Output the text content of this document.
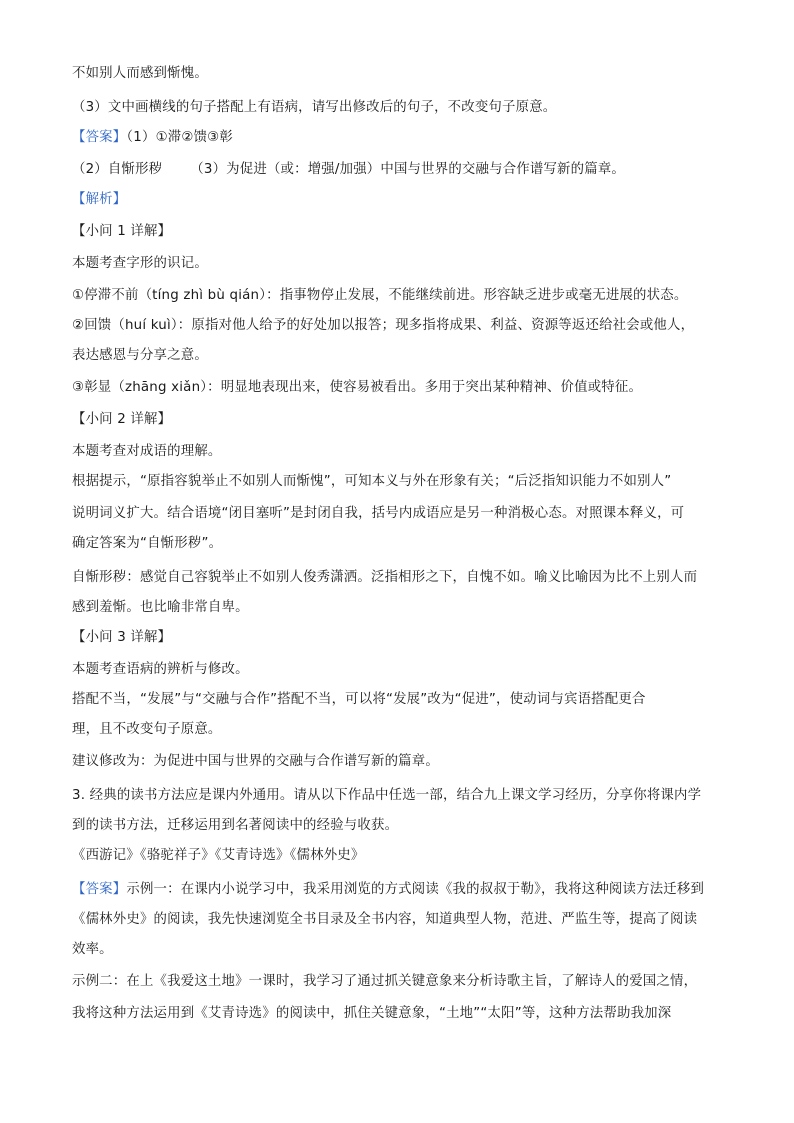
不如别人而感到惭愧。
（3）文中画横线的句子搭配上有语病，请写出修改后的句子，不改变句子原意。
【答案】（1）①滞②馈③彰
（2）自惭形秽 （3）为促进（或：增强/加强）中国与世界的交融与合作谱写新的篇章。
【解析】
【小问 1 详解】
本题考查字形的识记。
①停滞不前（tíng zhì bù qián）：指事物停止发展，不能继续前进。形容缺乏进步或毫无进展的状态。
②回馈（huí kuì）：原指对他人给予的好处加以报答；现多指将成果、利益、资源等返还给社会或他人，
表达感恩与分享之意。
③彰显（zhāng xiǎn）：明显地表现出来，使容易被看出。多用于突出某种精神、价值或特征。
【小问 2 详解】
本题考查对成语的理解。
根据提示，“原指容貌举止不如别人而惭愧”，可知本义与外在形象有关；“后泛指知识能力不如别人”
说明词义扩大。结合语境“闭目塞听”是封闭自我，括号内成语应是另一种消极心态。对照课本释义，可
确定答案为“自惭形秽”。
自惭形秽：感觉自己容貌举止不如别人俊秀潇洒。泛指相形之下，自愧不如。喻义比喻因为比不上别人而
感到羞惭。也比喻非常自卑。
【小问 3 详解】
本题考查语病的辨析与修改。
搭配不当，“发展”与“交融与合作”搭配不当，可以将“发展”改为“促进”，使动词与宾语搭配更合
理，且不改变句子原意。
建议修改为：为促进中国与世界的交融与合作谱写新的篇章。
3. 经典的读书方法应是课内外通用。请从以下作品中任选一部，结合九上课文学习经历，分享你将课内学
到的读书方法，迁移运用到名著阅读中的经验与收获。
《西游记》《骆驼祥子》《艾青诗选》《儒林外史》
【答案】示例一：在课内小说学习中，我采用浏览的方式阅读《我的叔叔于勒》，我将这种阅读方法迁移到
《儒林外史》的阅读，我先快速浏览全书目录及全书内容，知道典型人物，范进、严监生等，提高了阅读
效率。
示例二：在上《我爱这土地》一课时，我学习了通过抓关键意象来分析诗歌主旨，了解诗人的爱国之情，
我将这种方法运用到《艾青诗选》的阅读中，抓住关键意象，“土地”“太阳”等，这种方法帮助我加深
